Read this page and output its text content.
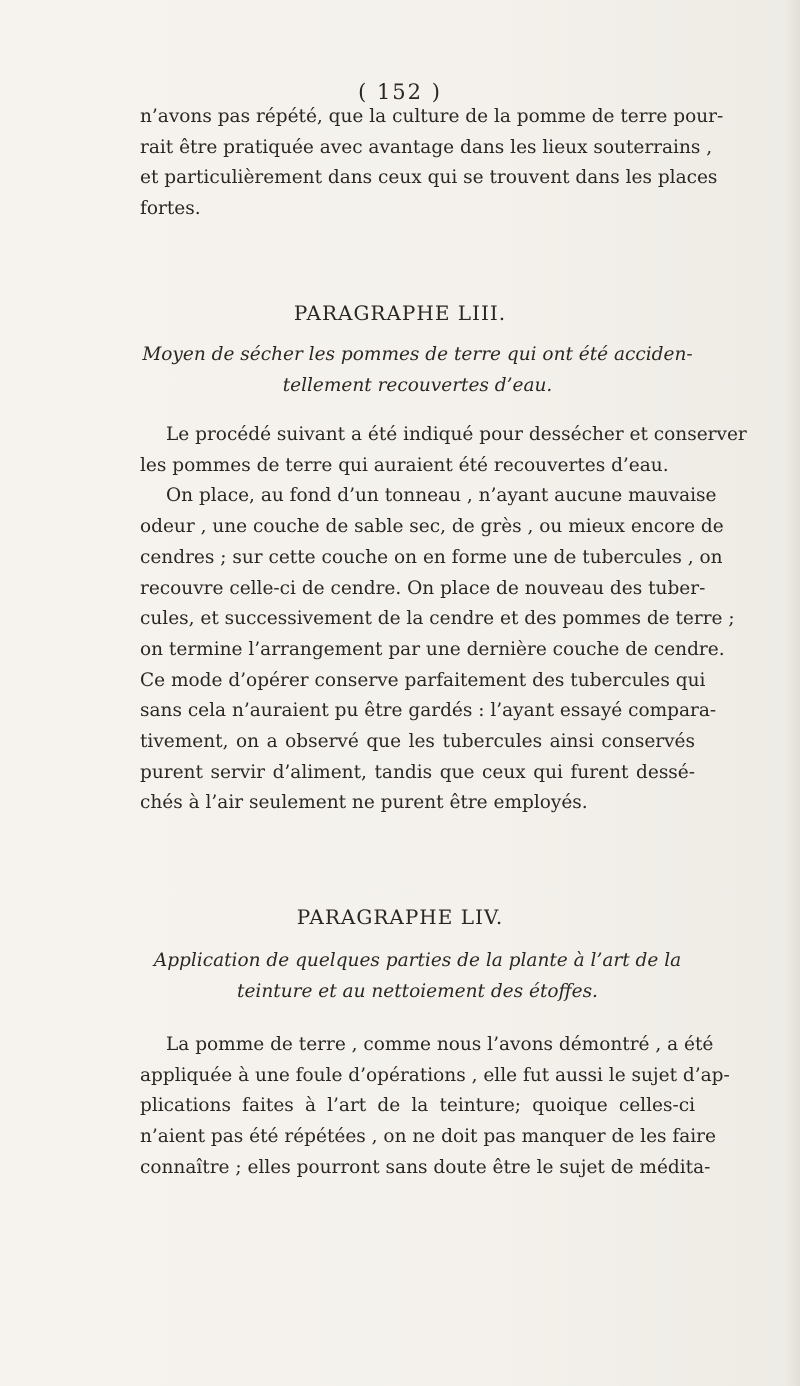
( 152 )

n’avons pas répété, que la culture de la pomme de terre pour-
rait être pratiquée avec avantage dans les lieux souterrains ,
et particulièrement dans ceux qui se trouvent dans les places
fortes.

PARAGRAPHE LIII.
Moyen de sécher les pommes de terre qui ont été acciden-
tellement recouvertes d’eau.

Le procédé suivant a été indiqué pour dessécher et conserver
les pommes de terre qui auraient été recouvertes d’eau.
On place, au fond d’un tonneau , n’ayant aucune mauvaise
odeur , une couche de sable sec, de grès , ou mieux encore de
cendres ; sur cette couche on en forme une de tubercules , on
recouvre celle-ci de cendre. On place de nouveau des tuber-
cules, et successivement de la cendre et des pommes de terre ;
on termine l’arrangement par une dernière couche de cendre.
Ce mode d’opérer conserve parfaitement des tubercules qui
sans cela n’auraient pu être gardés : l’ayant essayé compara-
tivement, on a observé que les tubercules ainsi conservés
purent servir d’aliment, tandis que ceux qui furent dessé-
chés à l’air seulement ne purent être employés.

PARAGRAPHE LIV.
Application de quelques parties de la plante à l’art de la
teinture et au nettoiement des étoffes.

La pomme de terre , comme nous l’avons démontré , a été
appliquée à une foule d’opérations , elle fut aussi le sujet d’ap-
plications faites à l’art de la teinture; quoique celles-ci
n’aient pas été répétées , on ne doit pas manquer de les faire
connaître ; elles pourront sans doute être le sujet de médita-
